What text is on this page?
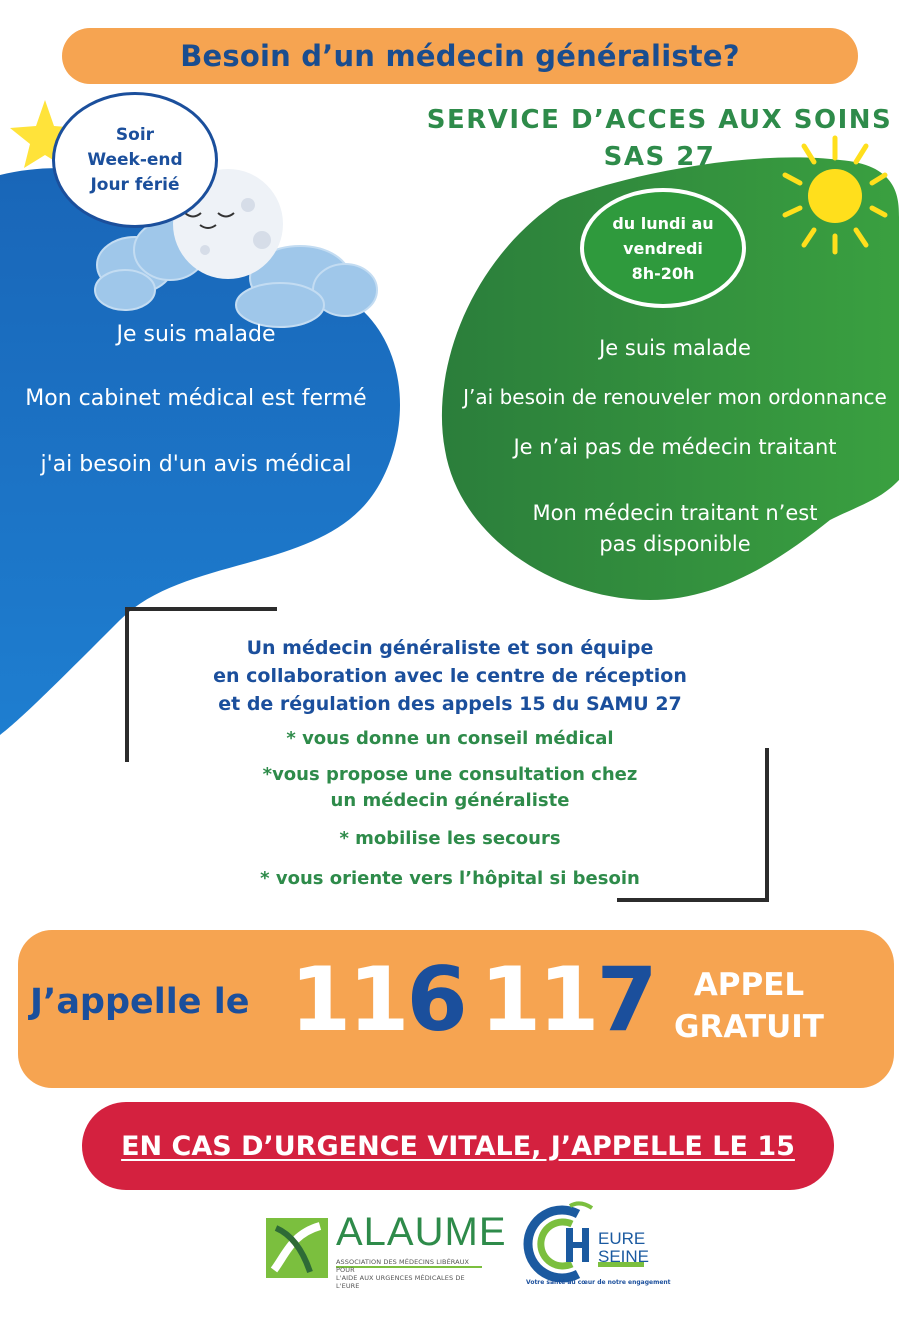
Besoin d’un médecin généraliste?
Soir
Week-end
Jour férié
Je suis malade
Mon cabinet médical est fermé
j'ai besoin d'un avis médical
SERVICE D’ACCES AUX SOINS
SAS 27
du lundi au
vendredi
8h-20h
Je suis malade
J’ai besoin de renouveler mon ordonnance
Je n’ai pas de médecin traitant
Mon médecin traitant n’est
pas disponible
Un médecin généraliste et son équipe
en collaboration avec le centre de réception
et de régulation des appels 15 du SAMU 27
* vous donne un conseil médical
*vous propose une consultation chez
un médecin généraliste
* mobilise les secours
* vous oriente vers l’hôpital si besoin
J’appelle le 116 117	APPEL
GRATUIT
EN CAS D’URGENCE VITALE, J’APPELLE LE 15
ALAUME
ASSOCIATION DES MÉDECINS LIBÉRAUX POUR
L'AIDE AUX URGENCES MÉDICALES DE L'EURE
EURE
SEINE
Votre santé au cœur de notre engagement
